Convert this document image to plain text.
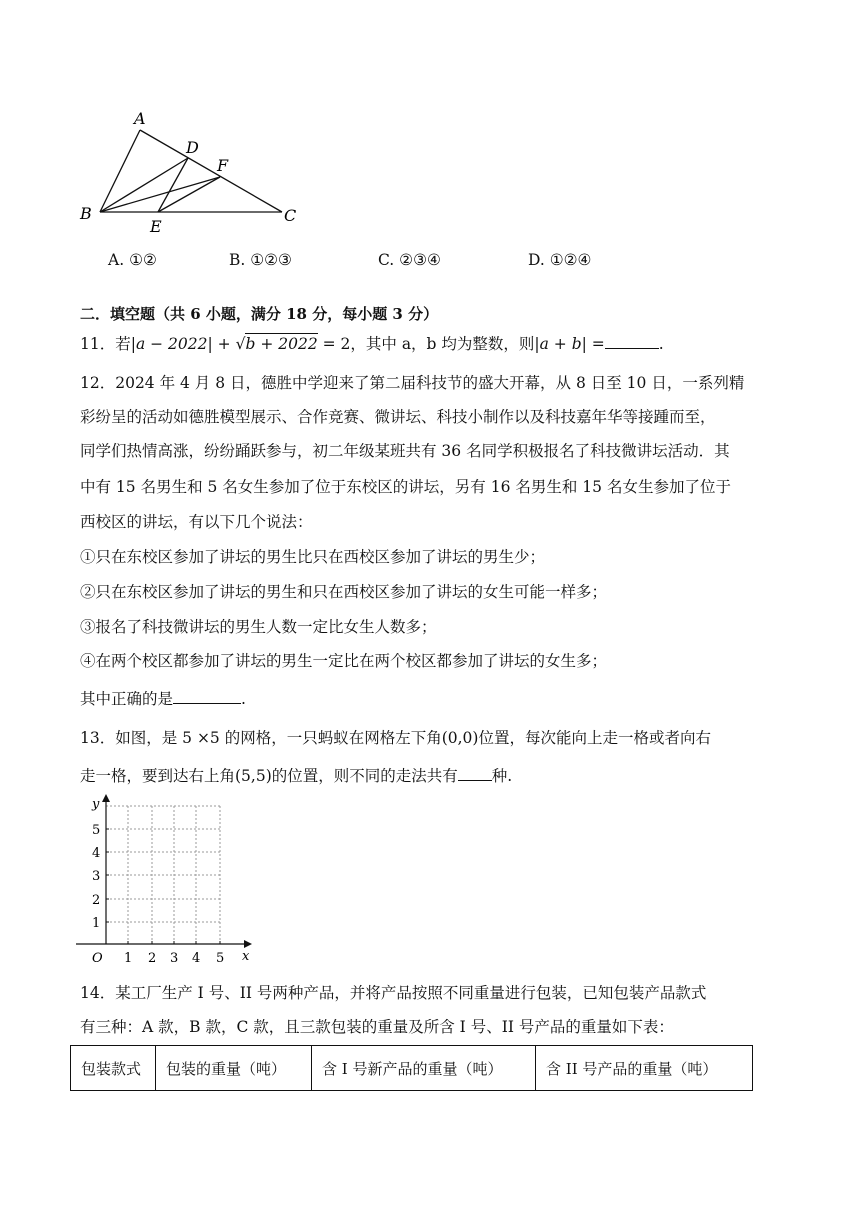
A
D
F
B
E
C
A. ①②	B. ①②③	C. ②③④	D. ①②④
二．填空题（共 6 小题，满分 18 分，每小题 3 分）
11．若|a − 2022| + √b + 2022 = 2，其中 a，b 均为整数，则|a + b| =	.
12．2024 年 4 月 8 日，德胜中学迎来了第二届科技节的盛大开幕，从 8 日至 10 日，一系列精
彩纷呈的活动如德胜模型展示、合作竞赛、微讲坛、科技小制作以及科技嘉年华等接踵而至，
同学们热情高涨，纷纷踊跃参与，初二年级某班共有 36 名同学积极报名了科技微讲坛活动．其
中有 15 名男生和 5 名女生参加了位于东校区的讲坛，另有 16 名男生和 15 名女生参加了位于
西校区的讲坛，有以下几个说法：
①只在东校区参加了讲坛的男生比只在西校区参加了讲坛的男生少；
②只在东校区参加了讲坛的男生和只在西校区参加了讲坛的女生可能一样多；
③报名了科技微讲坛的男生人数一定比女生人数多；
④在两个校区都参加了讲坛的男生一定比在两个校区都参加了讲坛的女生多；
其中正确的是	.
13．如图，是 5 ×5 的网格，一只蚂蚁在网格左下角(0,0)位置，每次能向上走一格或者向右
走一格，要到达右上角(5,5)的位置，则不同的走法共有 种.
y
x
O 1 2 3 4 5
1
2
3
4
5
14．某工厂生产 I 号、II 号两种产品，并将产品按照不同重量进行包装，已知包装产品款式
有三种：A 款，B 款，C 款，且三款包装的重量及所含 I 号、II 号产品的重量如下表：
包装款式	包装的重量（吨）	含 I 号新产品的重量（吨）	含 II 号产品的重量（吨）
